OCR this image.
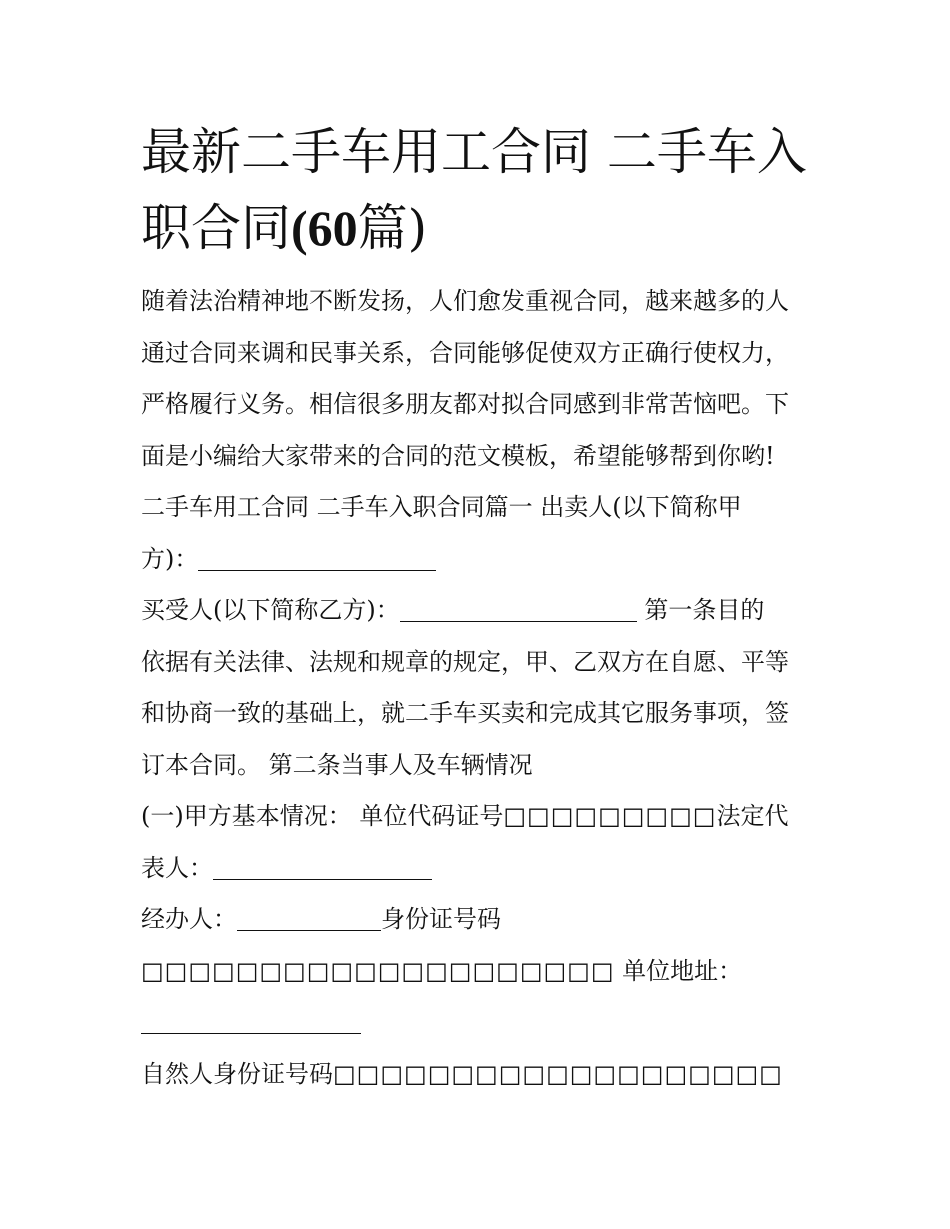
最新二手车用工合同 二手车入
职合同(60篇)
随着法治精神地不断发扬，人们愈发重视合同，越来越多的人
通过合同来调和民事关系，合同能够促使双方正确行使权力，
严格履行义务。相信很多朋友都对拟合同感到非常苦恼吧。下
面是小编给大家带来的合同的范文模板，希望能够帮到你哟!
二手车用工合同 二手车入职合同篇一 出卖人(以下简称甲
方)：
买受人(以下简称乙方)：	第一条目的
依据有关法律、法规和规章的规定，甲、乙双方在自愿、平等
和协商一致的基础上，就二手车买卖和完成其它服务事项，签
订本合同。 第二条当事人及车辆情况
(一)甲方基本情况： 单位代码证号□□□□□□□□□法定代
表人：
经办人：	身份证号码
□□□□□□□□□□□□□□□□□□□□ 单位地址：
自然人身份证号码□□□□□□□□□□□□□□□□□□□
